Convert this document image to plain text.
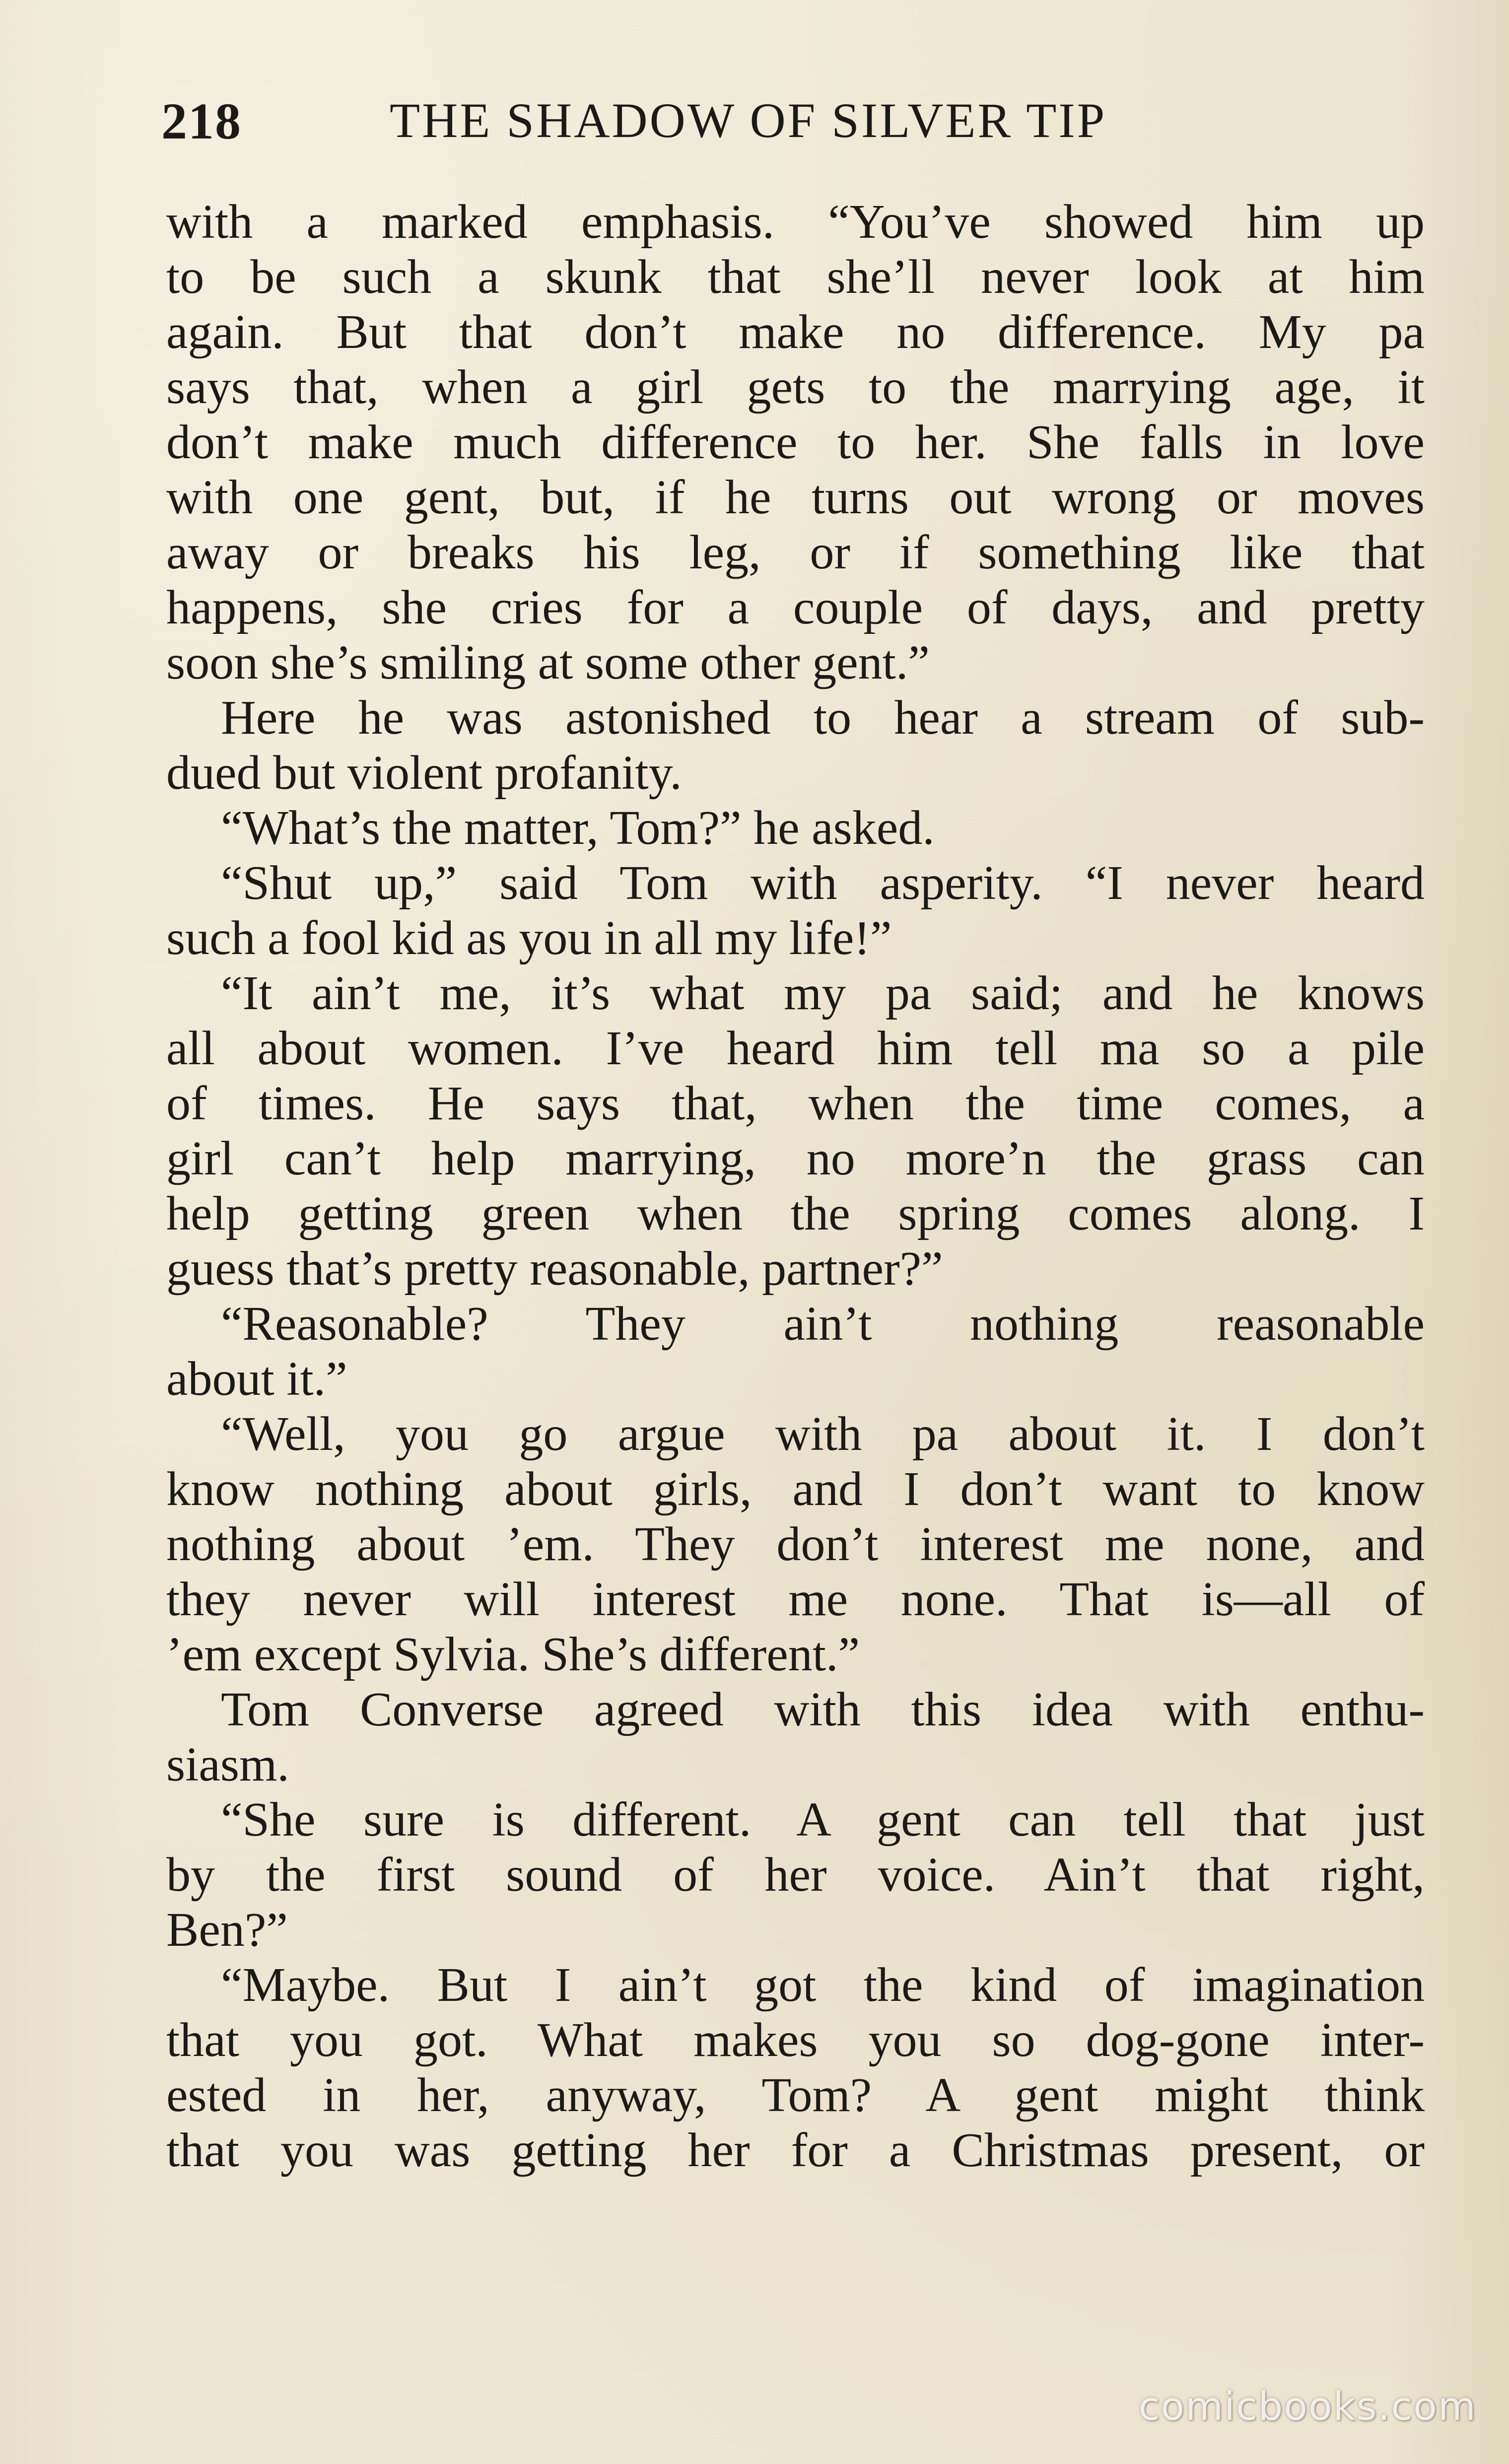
218	THE SHADOW OF SILVER TIP
with a marked emphasis. “You’ve showed him up
to be such a skunk that she’ll never look at him
again. But that don’t make no difference. My pa
says that, when a girl gets to the marrying age, it
don’t make much difference to her. She falls in love
with one gent, but, if he turns out wrong or moves
away or breaks his leg, or if something like that
happens, she cries for a couple of days, and pretty
soon she’s smiling at some other gent.”
Here he was astonished to hear a stream of sub-
dued but violent profanity.
“What’s the matter, Tom?” he asked.
“Shut up,” said Tom with asperity. “I never heard
such a fool kid as you in all my life!”
“It ain’t me, it’s what my pa said; and he knows
all about women. I’ve heard him tell ma so a pile
of times. He says that, when the time comes, a
girl can’t help marrying, no more’n the grass can
help getting green when the spring comes along. I
guess that’s pretty reasonable, partner?”
“Reasonable? They ain’t nothing reasonable
about it.”
“Well, you go argue with pa about it. I don’t
know nothing about girls, and I don’t want to know
nothing about ’em. They don’t interest me none, and
they never will interest me none. That is—all of
’em except Sylvia. She’s different.”
Tom Converse agreed with this idea with enthu-
siasm.
“She sure is different. A gent can tell that just
by the first sound of her voice. Ain’t that right,
Ben?”
“Maybe. But I ain’t got the kind of imagination
that you got. What makes you so dog-gone inter-
ested in her, anyway, Tom? A gent might think
that you was getting her for a Christmas present, or
comicbooks.com
